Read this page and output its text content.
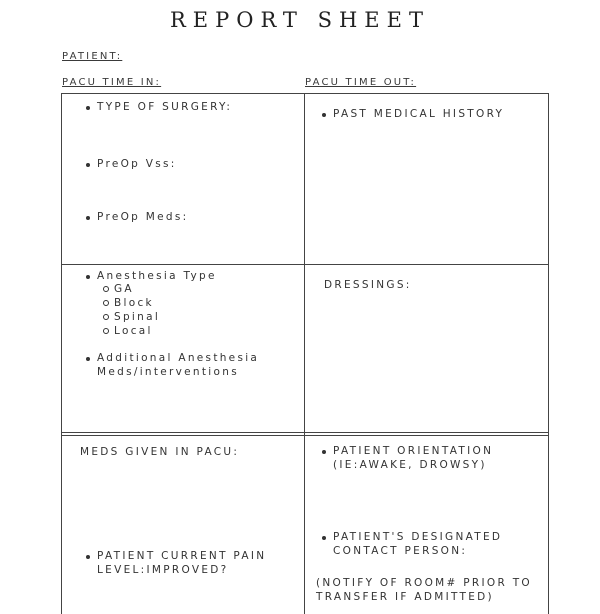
REPORT SHEET
PATIENT:
PACU TIME IN:	PACU TIME OUT:
TYPE OF SURGERY:
PreOp Vss:
PreOp Meds:
PAST MEDICAL HISTORY
Anesthesia Type
GA
Block
Spinal
Local
Additional Anesthesia
Meds/interventions
DRESSINGS:
MEDS GIVEN IN PACU:
PATIENT CURRENT PAIN
LEVEL:IMPROVED?
PATIENT ORIENTATION
(IE:AWAKE, DROWSY)
PATIENT'S DESIGNATED
CONTACT PERSON:
(NOTIFY OF ROOM# PRIOR TO
TRANSFER IF ADMITTED)
